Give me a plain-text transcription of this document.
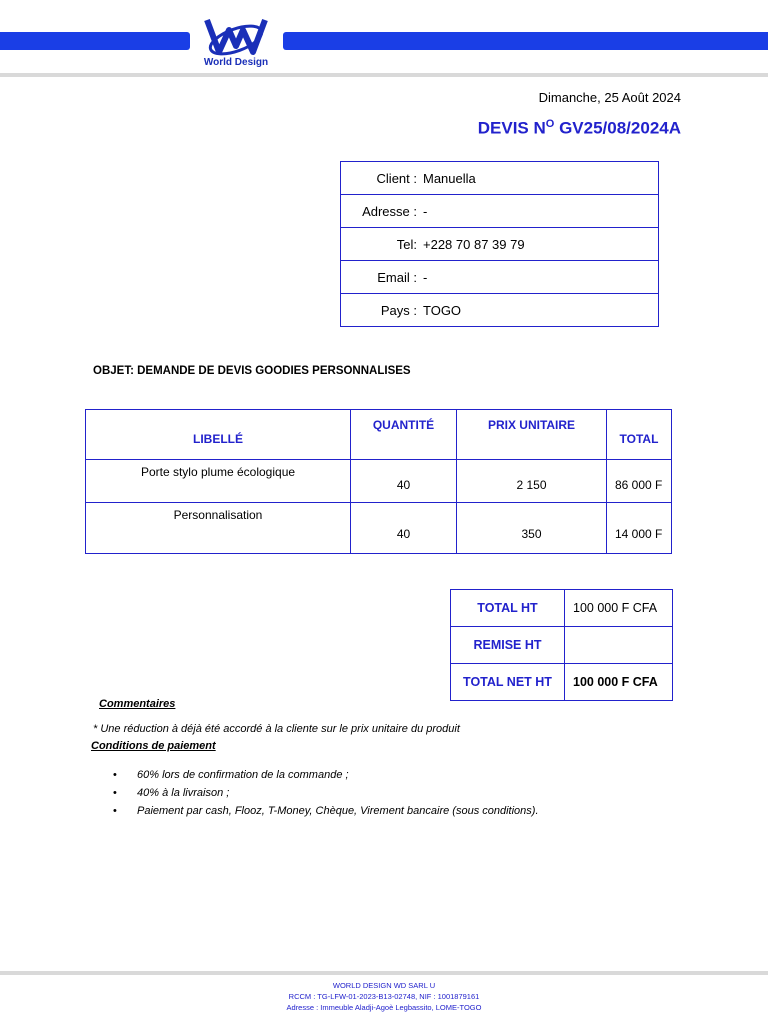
World Design
Dimanche, 25 Août 2024
DEVIS $N^O$ GV25/08/2024A
Client : Manuella
Adresse : -
Tel: +228 70 87 39 79
Email : -
Pays : TOGO
OBJET: DEMANDE DE DEVIS GOODIES PERSONNALISES
LIBELLÉ	QUANTITÉ	PRIX UNITAIRE	TOTAL
Porte stylo plume écologique	40	2 150	86 000 F
Personnalisation	40	350	14 000 F
TOTAL HT	100 000 F CFA
REMISE HT	
TOTAL NET HT	100 000 F CFA
Commentaires
* Une réduction à déjà été accordé à la cliente sur le prix unitaire du produit
Conditions de paiement
• 60% lors de confirmation de la commande ;
• 40% à la livraison ;
• Paiement par cash, Flooz, T-Money, Chèque, Virement bancaire (sous conditions).
WORLD DESIGN WD SARL U
RCCM : TG-LFW-01-2023-B13-02748, NIF : 1001879161
Adresse : Immeuble Aladji-Agoè Legbassito, LOME-TOGO
